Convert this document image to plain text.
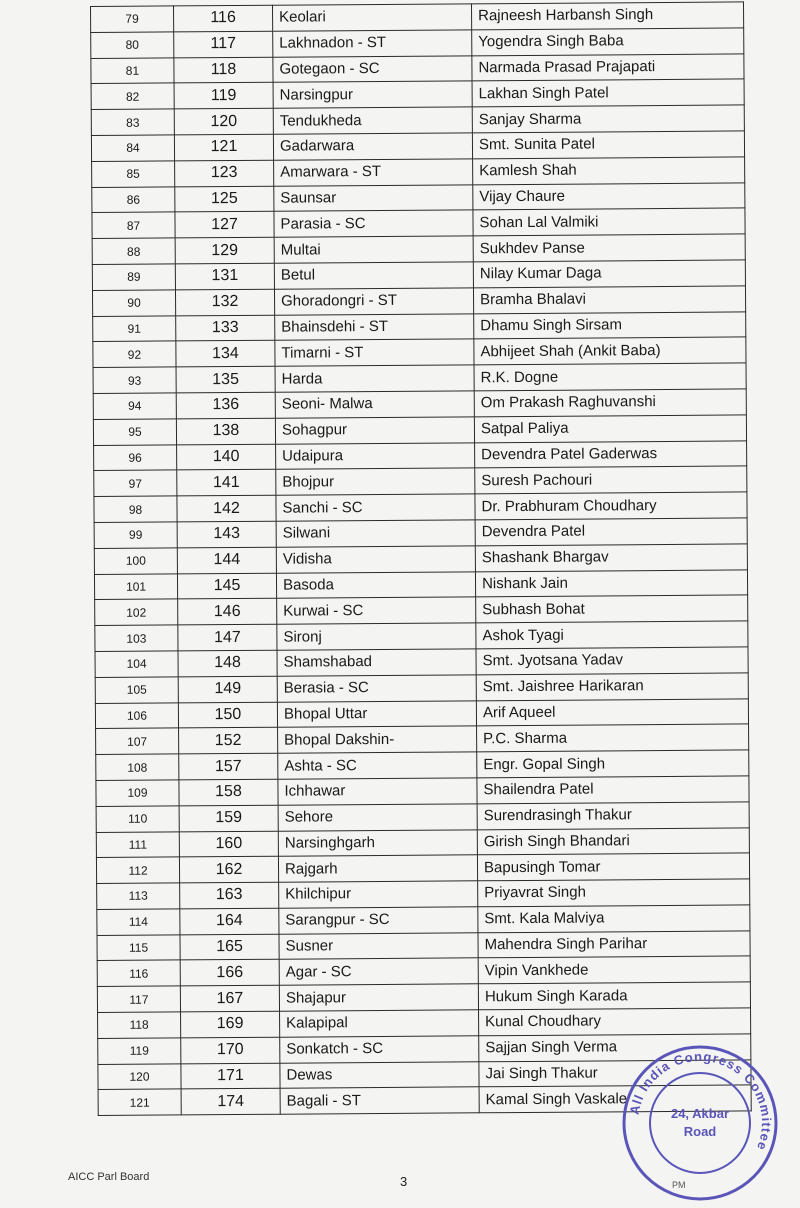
79	116	Keolari	Rajneesh Harbansh Singh
80	117	Lakhnadon - ST	Yogendra Singh Baba
81	118	Gotegaon - SC	Narmada Prasad Prajapati
82	119	Narsingpur	Lakhan Singh Patel
83	120	Tendukheda	Sanjay Sharma
84	121	Gadarwara	Smt. Sunita Patel
85	123	Amarwara - ST	Kamlesh Shah
86	125	Saunsar	Vijay Chaure
87	127	Parasia - SC	Sohan Lal Valmiki
88	129	Multai	Sukhdev Panse
89	131	Betul	Nilay Kumar Daga
90	132	Ghoradongri - ST	Bramha Bhalavi
91	133	Bhainsdehi - ST	Dhamu Singh Sirsam
92	134	Timarni - ST	Abhijeet Shah (Ankit Baba)
93	135	Harda	R.K. Dogne
94	136	Seoni- Malwa	Om Prakash Raghuvanshi
95	138	Sohagpur	Satpal Paliya
96	140	Udaipura	Devendra Patel Gaderwas
97	141	Bhojpur	Suresh Pachouri
98	142	Sanchi - SC	Dr. Prabhuram Choudhary
99	143	Silwani	Devendra Patel
100	144	Vidisha	Shashank Bhargav
101	145	Basoda	Nishank Jain
102	146	Kurwai - SC	Subhash Bohat
103	147	Sironj	Ashok Tyagi
104	148	Shamshabad	Smt. Jyotsana Yadav
105	149	Berasia - SC	Smt. Jaishree Harikaran
106	150	Bhopal Uttar	Arif Aqueel
107	152	Bhopal Dakshin-	P.C. Sharma
108	157	Ashta - SC	Engr. Gopal Singh
109	158	Ichhawar	Shailendra Patel
110	159	Sehore	Surendrasingh Thakur
111	160	Narsinghgarh	Girish Singh Bhandari
112	162	Rajgarh	Bapusingh Tomar
113	163	Khilchipur	Priyavrat Singh
114	164	Sarangpur - SC	Smt. Kala Malviya
115	165	Susner	Mahendra Singh Parihar
116	166	Agar - SC	Vipin Vankhede
117	167	Shajapur	Hukum Singh Karada
118	169	Kalapipal	Kunal Choudhary
119	170	Sonkatch - SC	Sajjan Singh Verma
120	171	Dewas	Jai Singh Thakur
121	174	Bagali - ST	Kamal Singh Vaskale
AICC Parl Board	3	PM
All India Congress Committee
24, Akbar
Road
